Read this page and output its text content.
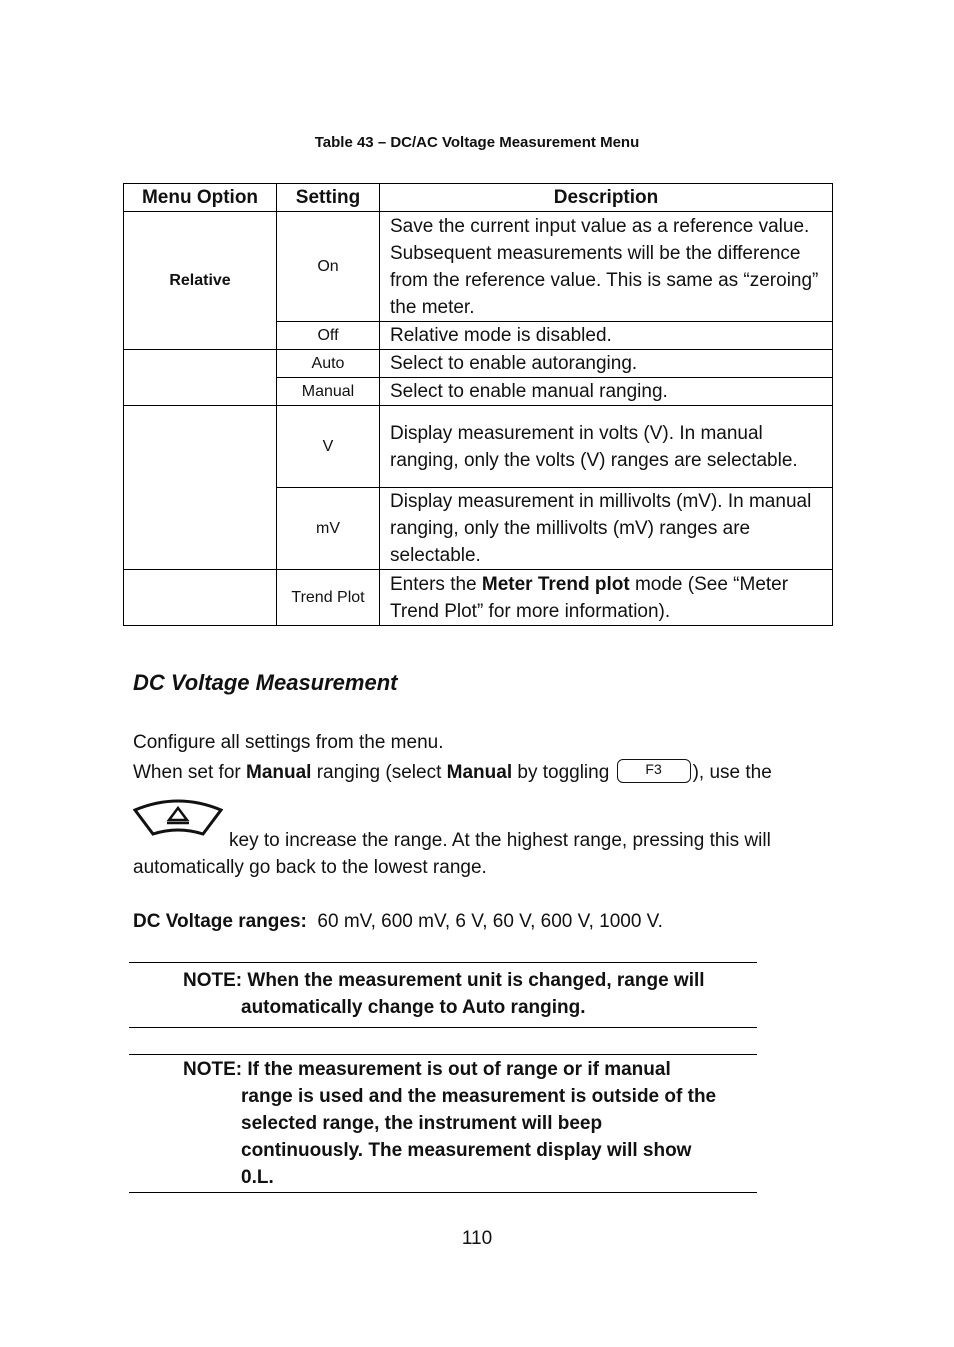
Table 43 – DC/AC Voltage Measurement Menu
Menu Option	Setting	Description
Relative	On	Save the current input value as a reference value. Subsequent measurements will be the difference from the reference value. This is same as “zeroing” the meter.
	Off	Relative mode is disabled.
	Auto	Select to enable autoranging.
	Manual	Select to enable manual ranging.
	V	Display measurement in volts (V). In manual ranging, only the volts (V) ranges are selectable.
	mV	Display measurement in millivolts (mV). In manual ranging, only the millivolts (mV) ranges are selectable.
	Trend Plot	Enters the Meter Trend plot mode (See “Meter Trend Plot” for more information).
DC Voltage Measurement
Configure all settings from the menu.
When set for Manual ranging (select Manual by toggling F3 ), use the
key to increase the range. At the highest range, pressing this will automatically go back to the lowest range.
DC Voltage ranges:  60 mV, 600 mV, 6 V, 60 V, 600 V, 1000 V.
NOTE: When the measurement unit is changed, range will automatically change to Auto ranging.
NOTE: If the measurement is out of range or if manual range is used and the measurement is outside of the selected range, the instrument will beep continuously. The measurement display will show 0.L.
110
